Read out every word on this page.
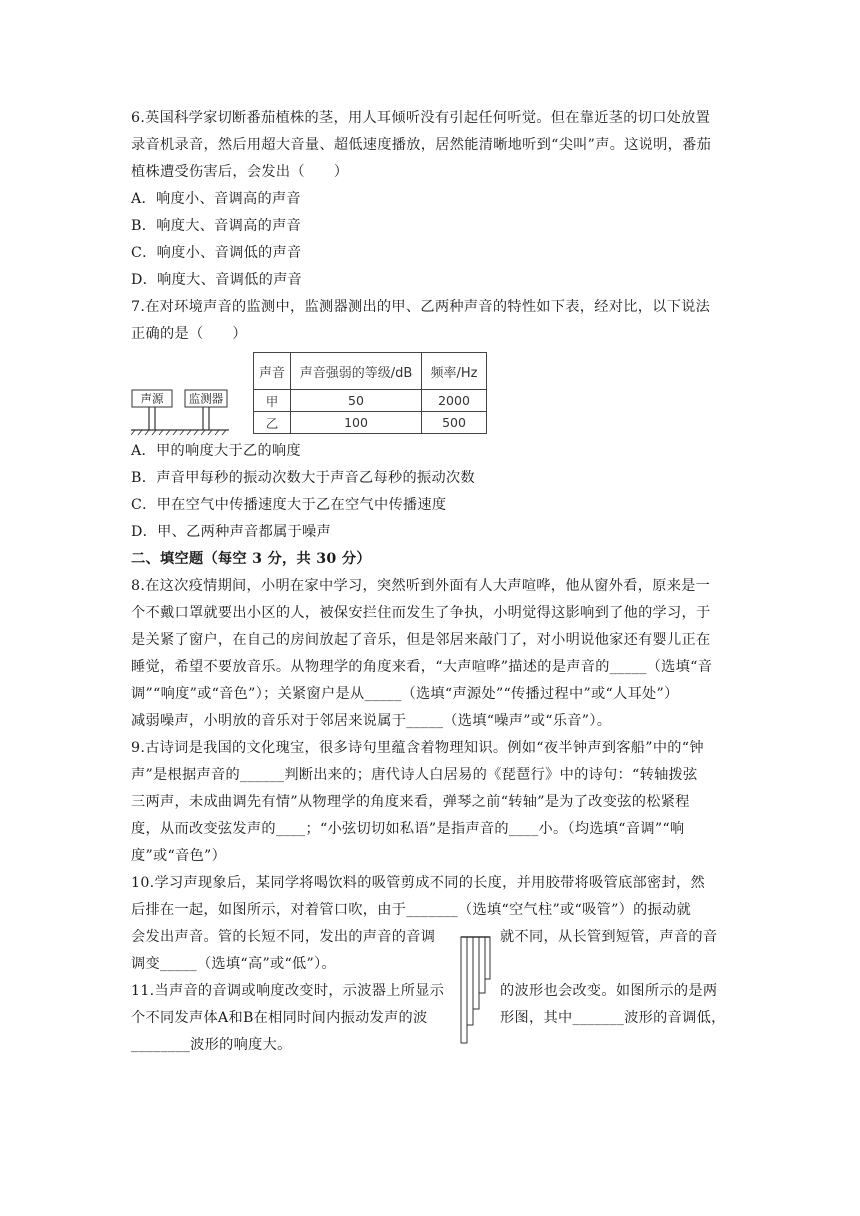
6.英国科学家切断番茄植株的茎，用人耳倾听没有引起任何听觉。但在靠近茎的切口处放置
录音机录音，然后用超大音量、超低速度播放，居然能清晰地听到“尖叫”声。这说明，番茄
植株遭受伤害后，会发出（　　）
A．响度小、音调高的声音
B．响度大、音调高的声音
C．响度小、音调低的声音
D．响度大、音调低的声音
7.在对环境声音的监测中，监测器测出的甲、乙两种声音的特性如下表，经对比，以下说法
正确的是（　　）
声源 监测器
声音	声音强弱的等级/dB	频率/Hz
甲	50	2000
乙	100	500
A．甲的响度大于乙的响度
B．声音甲每秒的振动次数大于声音乙每秒的振动次数
C．甲在空气中传播速度大于乙在空气中传播速度
D．甲、乙两种声音都属于噪声
二、填空题（每空 3 分，共 30 分）
8.在这次疫情期间，小明在家中学习，突然听到外面有人大声喧哗，他从窗外看，原来是一
个不戴口罩就要出小区的人，被保安拦住而发生了争执，小明觉得这影响到了他的学习，于
是关紧了窗户，在自己的房间放起了音乐，但是邻居来敲门了，对小明说他家还有婴儿正在
睡觉，希望不要放音乐。从物理学的角度来看，“大声喧哗”描述的是声音的_____（选填“音
调”“响度”或“音色”）；关紧窗户是从_____（选填“声源处”“传播过程中”或“人耳处”）
减弱噪声，小明放的音乐对于邻居来说属于_____（选填“噪声”或“乐音”）。
9.古诗词是我国的文化瑰宝，很多诗句里蕴含着物理知识。例如“夜半钟声到客船”中的“钟
声”是根据声音的______判断出来的；唐代诗人白居易的《琵琶行》中的诗句：“转轴拨弦
三两声，未成曲调先有情”从物理学的角度来看，弹琴之前“转轴”是为了改变弦的松紧程
度，从而改变弦发声的____；“小弦切切如私语”是指声音的____小。（均选填“音调”“响
度”或“音色”）
10.学习声现象后，某同学将喝饮料的吸管剪成不同的长度，并用胶带将吸管底部密封，然
后排在一起，如图所示，对着管口吹，由于_______（选填“空气柱”或“吸管”）的振动就
会发出声音。管的长短不同，发出的声音的音调	就不同，从长管到短管，声音的音
调变_____（选填“高”或“低”）。
11.当声音的音调或响度改变时，示波器上所显示	的波形也会改变。如图所示的是两
个不同发声体A和B在相同时间内振动发声的波	形图，其中_______波形的音调低，
________波形的响度大。
